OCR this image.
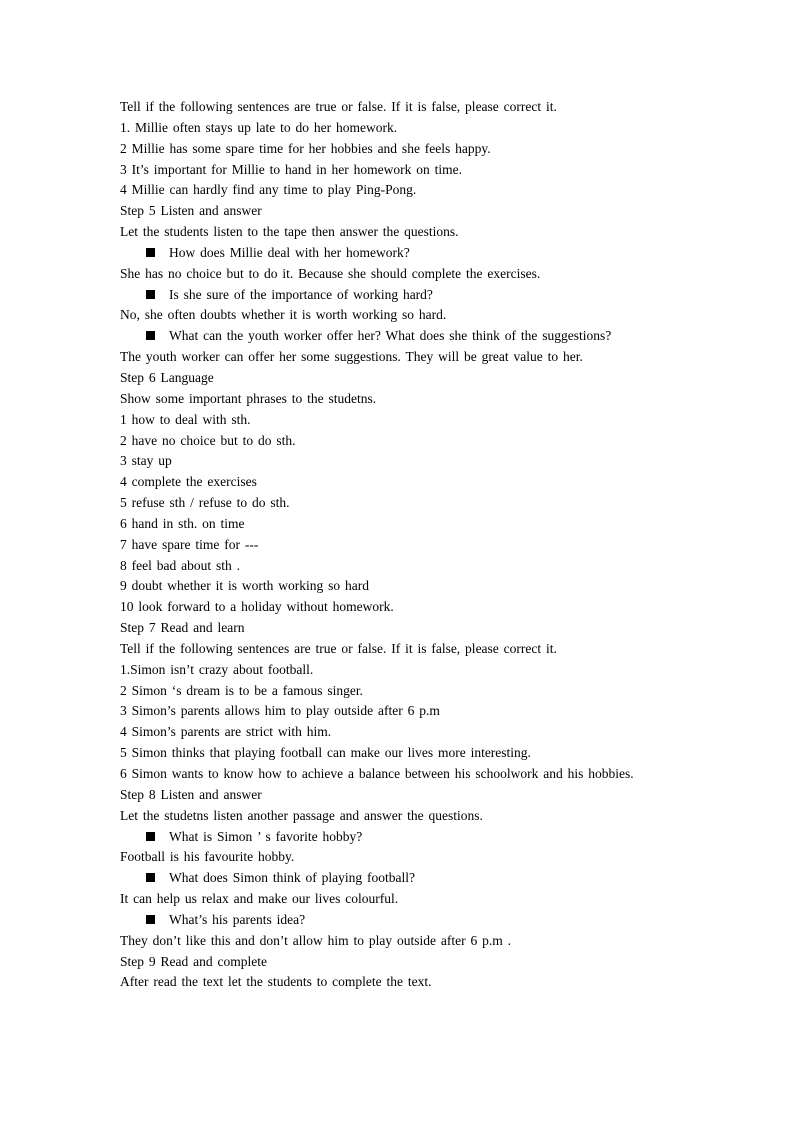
Tell if the following sentences are true or false. If it is false, please correct it.
1. Millie often stays up late to do her homework.
2 Millie has some spare time for her hobbies and she feels happy.
3 It’s important for Millie to hand in her homework on time.
4 Millie can hardly find any time to play Ping-Pong.
Step 5 Listen and answer
Let the students listen to the tape then answer the questions.
How does Millie deal with her homework?
She has no choice but to do it. Because she should complete the exercises.
Is she sure of the importance of working hard?
No, she often doubts whether it is worth working so hard.
What can the youth worker offer her? What does she think of the suggestions?
The youth worker can offer her some suggestions. They will be great value to her.
Step 6 Language
Show some important phrases to the studetns.
1 how to deal with sth.
2 have no choice but to do sth.
3 stay up
4 complete the exercises
5 refuse sth / refuse to do sth.
6 hand in sth. on time
7 have spare time for ---
8 feel bad about sth .
9 doubt whether it is worth working so hard
10 look forward to a holiday without homework.
Step 7 Read and learn
Tell if the following sentences are true or false. If it is false, please correct it.
1.Simon isn’t crazy about football.
2 Simon ‘s dream is to be a famous singer.
3 Simon’s parents allows him to play outside after 6 p.m
4 Simon’s parents are strict with him.
5 Simon thinks that playing football can make our lives more interesting.
6 Simon wants to know how to achieve a balance between his schoolwork and his hobbies.
Step 8 Listen and answer
Let the studetns listen another passage and answer the questions.
What is Simon ’ s favorite hobby?
Football is his favourite hobby.
What does Simon think of playing football?
It can help us relax and make our lives colourful.
What’s his parents idea?
They don’t like this and don’t allow him to play outside after 6 p.m .
Step 9 Read and complete
After read the text let the students to complete the text.
